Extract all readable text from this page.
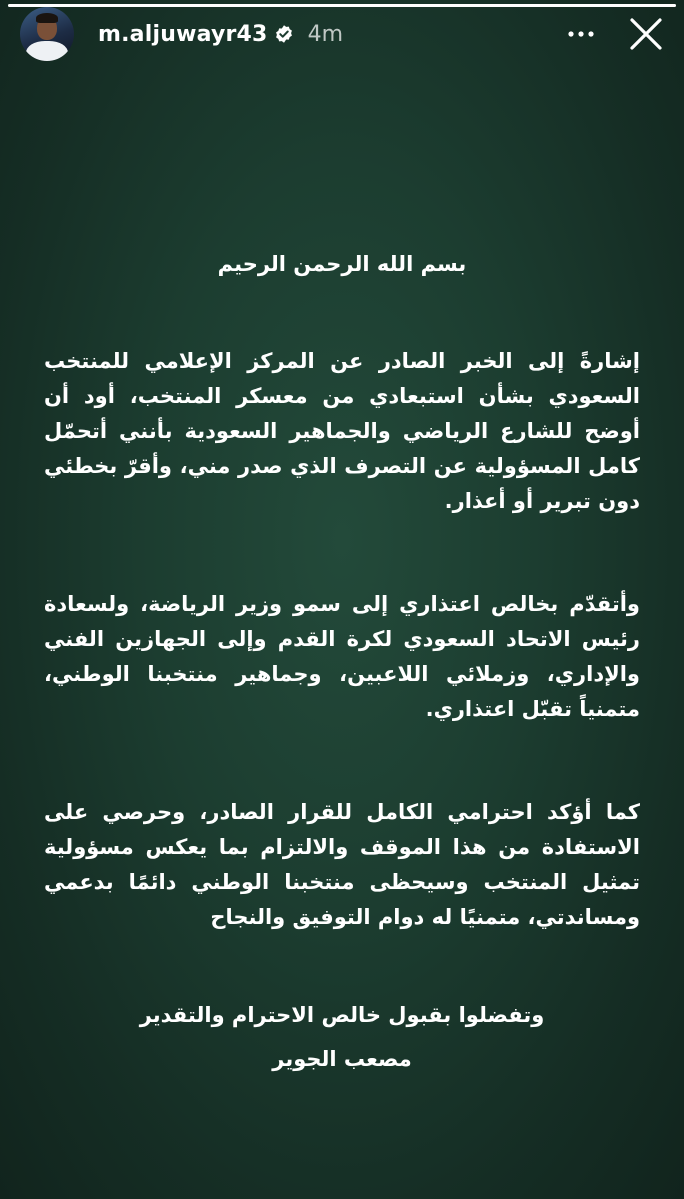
m.aljuwayr43 4m
بسم الله الرحمن الرحيم
إشارةً إلى الخبر الصادر عن المركز الإعلامي للمنتخب السعودي بشأن استبعادي من معسكر المنتخب، أود أن أوضح للشارع الرياضي والجماهير السعودية بأنني أتحمّل كامل المسؤولية عن التصرف الذي صدر مني، وأقرّ بخطئي دون تبرير أو أعذار.
وأتقدّم بخالص اعتذاري إلى سمو وزير الرياضة، ولسعادة رئيس الاتحاد السعودي لكرة القدم وإلى الجهازين الفني والإداري، وزملائي اللاعبين، وجماهير منتخبنا الوطني، متمنياً تقبّل اعتذاري.
كما أؤكد احترامي الكامل للقرار الصادر، وحرصي على الاستفادة من هذا الموقف والالتزام بما يعكس مسؤولية تمثيل المنتخب وسيحظى منتخبنا الوطني دائمًا بدعمي ومساندتي، متمنيًا له دوام التوفيق والنجاح
وتفضلوا بقبول خالص الاحترام والتقدير
مصعب الجوير
